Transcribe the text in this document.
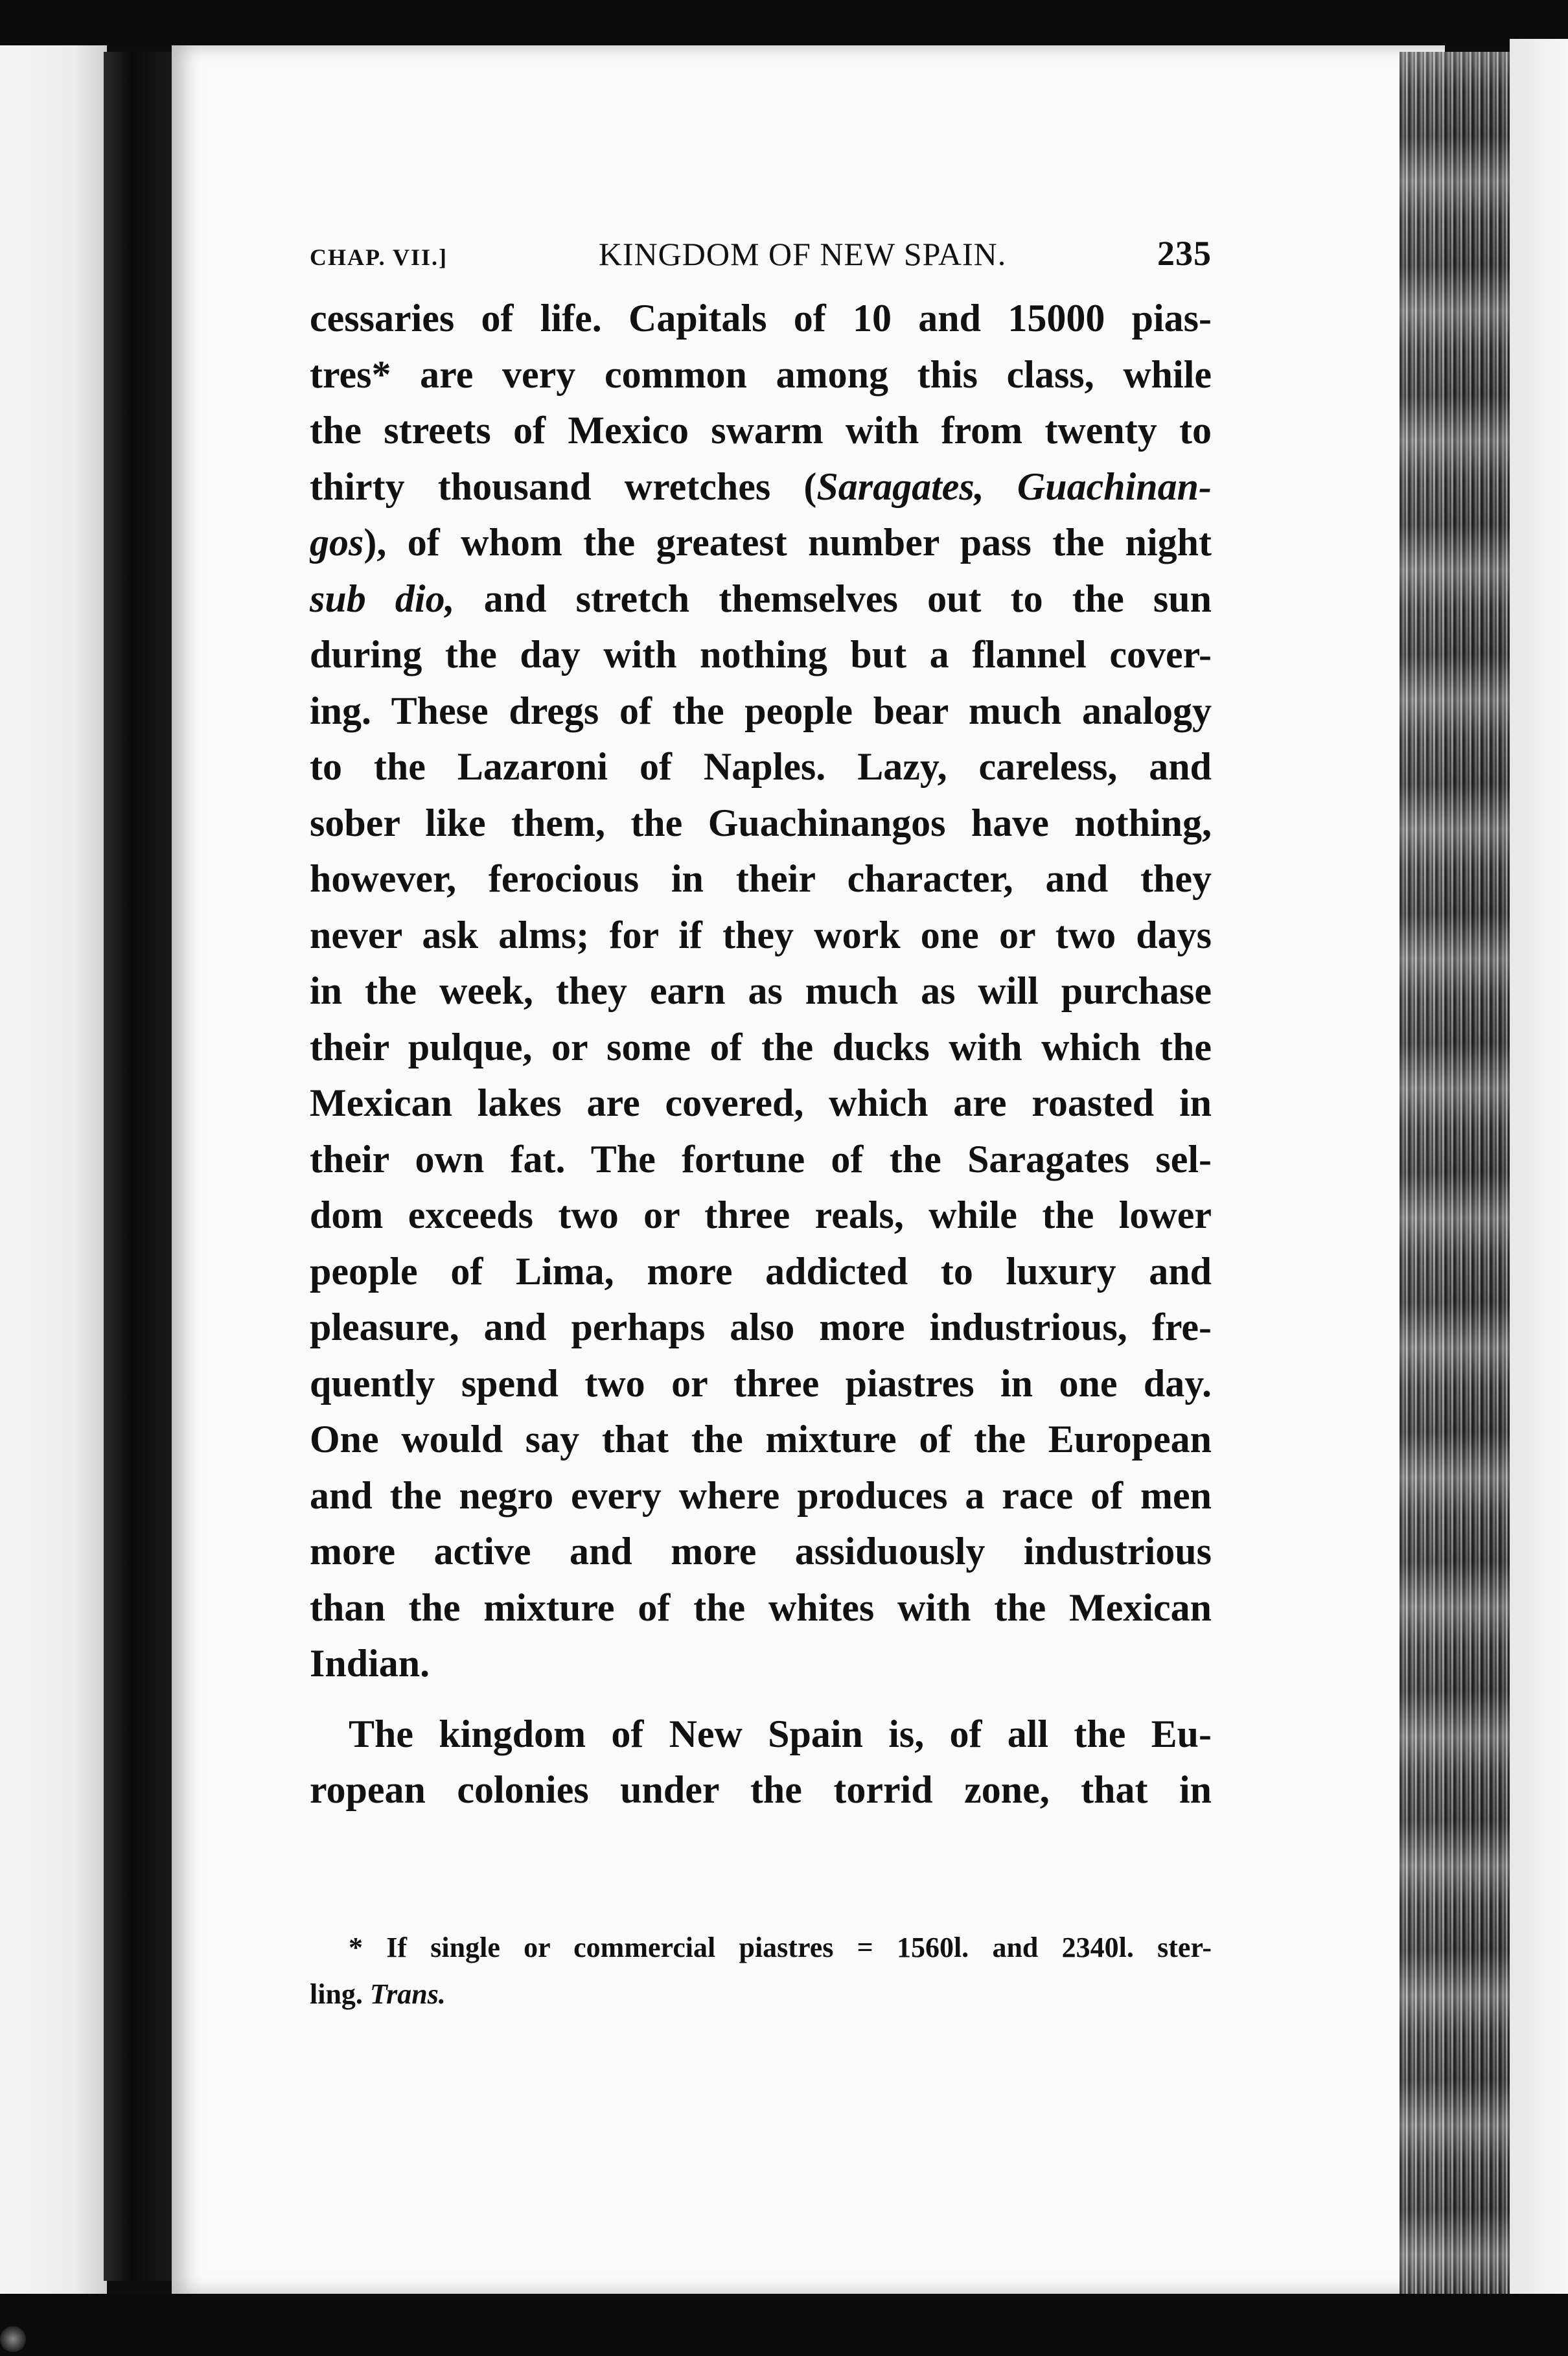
CHAP. VII.]	KINGDOM OF NEW SPAIN.	235
cessaries of life. Capitals of 10 and 15000 pias-
tres* are very common among this class, while
the streets of Mexico swarm with from twenty to
thirty thousand wretches (Saragates, Guachinan-
gos), of whom the greatest number pass the night
sub dio, and stretch themselves out to the sun
during the day with nothing but a flannel cover-
ing. These dregs of the people bear much analogy
to the Lazaroni of Naples. Lazy, careless, and
sober like them, the Guachinangos have nothing,
however, ferocious in their character, and they
never ask alms; for if they work one or two days
in the week, they earn as much as will purchase
their pulque, or some of the ducks with which the
Mexican lakes are covered, which are roasted in
their own fat. The fortune of the Saragates sel-
dom exceeds two or three reals, while the lower
people of Lima, more addicted to luxury and
pleasure, and perhaps also more industrious, fre-
quently spend two or three piastres in one day.
One would say that the mixture of the European
and the negro every where produces a race of men
more active and more assiduously industrious
than the mixture of the whites with the Mexican
Indian.
The kingdom of New Spain is, of all the Eu-
ropean colonies under the torrid zone, that in
* If single or commercial piastres = 1560l. and 2340l. ster-
ling. Trans.
